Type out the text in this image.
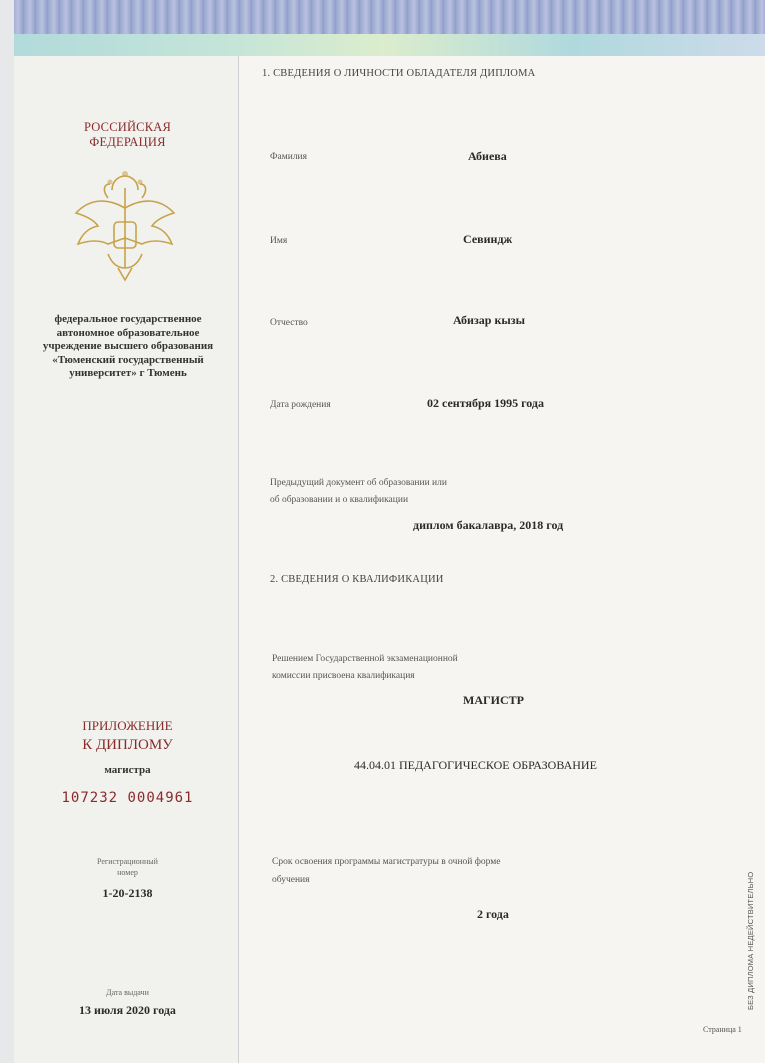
РОССИЙСКАЯ
ФЕДЕРАЦИЯ
федеральное государственное автономное образовательное учреждение высшего образования «Тюменский государственный университет» г Тюмень
ПРИЛОЖЕНИЕ
К ДИПЛОМУ
магистра
107232 0004961
Регистрационный
номер
1-20-2138
Дата выдачи
13 июля 2020 года
1. СВЕДЕНИЯ О ЛИЧНОСТИ ОБЛАДАТЕЛЯ ДИПЛОМА
Фамилия	Абиева
Имя	Севиндж
Отчество	Абизар кызы
Дата рождения	02 сентября 1995 года
Предыдущий документ об образовании или
об образовании и о квалификации
диплом бакалавра, 2018 год
2. СВЕДЕНИЯ О КВАЛИФИКАЦИИ
Решением Государственной экзаменационной
комиссии присвоена квалификация
МАГИСТР
44.04.01 ПЕДАГОГИЧЕСКОЕ ОБРАЗОВАНИЕ
Срок освоения программы магистратуры в очной форме
обучения
2 года	БЕЗ ДИПЛОМА НЕДЕЙСТВИТЕЛЬНО
Страница 1
